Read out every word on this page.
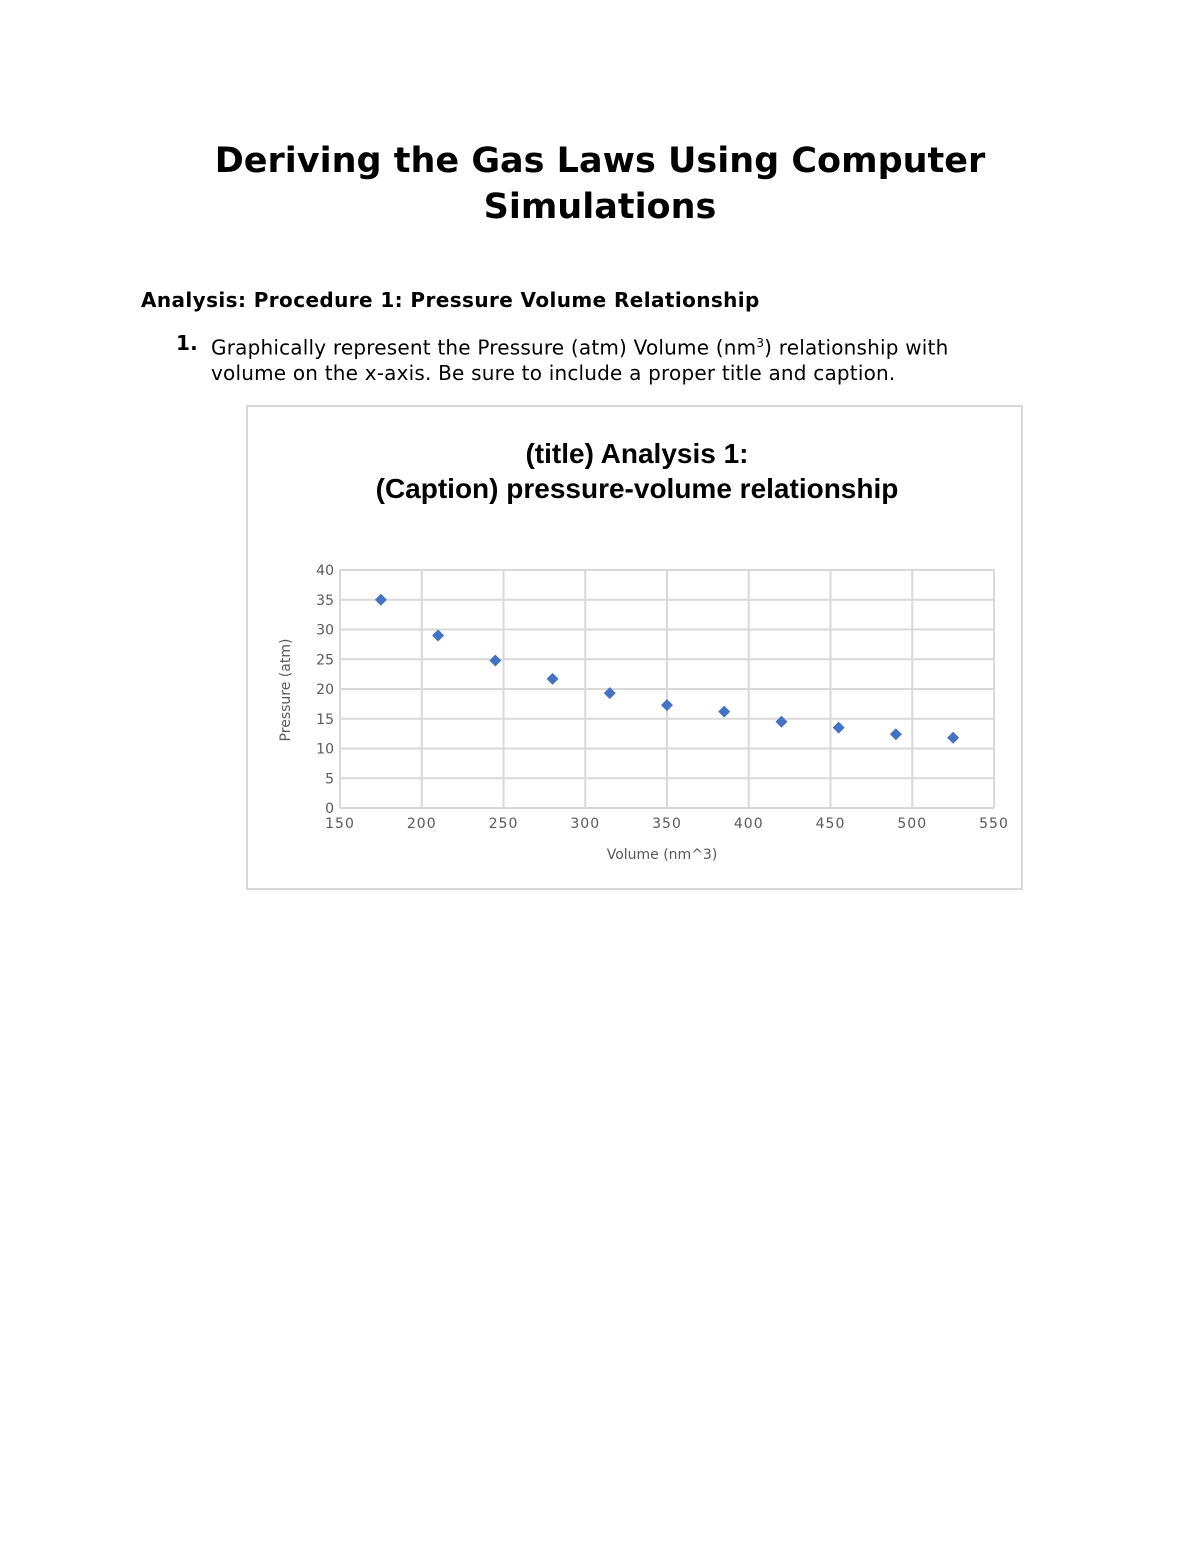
Deriving the Gas Laws Using Computer Simulations
Analysis: Procedure 1: Pressure Volume Relationship
1. Graphically represent the Pressure (atm) Volume $(nm^3)$ relationship with volume on the x-axis. Be sure to include a proper title and caption.
150	200	250	300	350	400	450	500	550
0
5
10
15
20
25
30
35
40
(title) Analysis 1:
(Caption) pressure-volume relationship
Volume (nm^3)
Pressure (atm)
